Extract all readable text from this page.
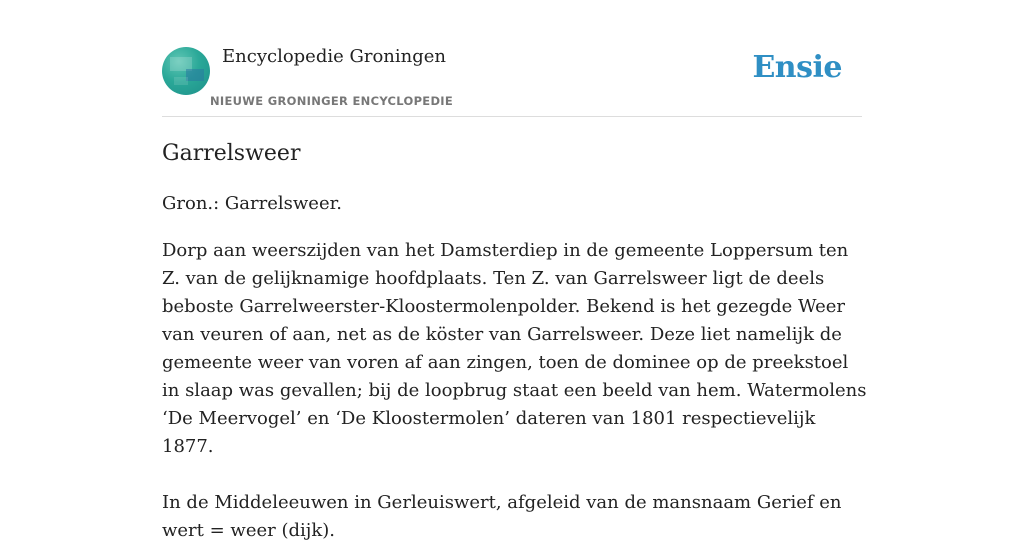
Encyclopedie Groningen
NIEUWE GRONINGER ENCYCLOPEDIE
Ensie
Garrelsweer

Gron.: Garrelsweer.

Dorp aan weerszijden van het Damsterdiep in de gemeente Loppersum ten Z. van de gelijknamige hoofdplaats. Ten Z. van Garrelsweer ligt de deels beboste Garrelweerster-Kloostermolenpolder. Bekend is het gezegde Weer van veuren of aan, net as de köster van Garrelsweer. Deze liet namelijk de gemeente weer van voren af aan zingen, toen de dominee op de preekstoel in slaap was gevallen; bij de loopbrug staat een beeld van hem. Watermolens ‘De Meervogel’ en ‘De Kloostermolen’ dateren van 1801 respectievelijk 1877.

In de Middeleeuwen in Gerleuiswert, afgeleid van de mansnaam Gerief en wert = weer (dijk).
